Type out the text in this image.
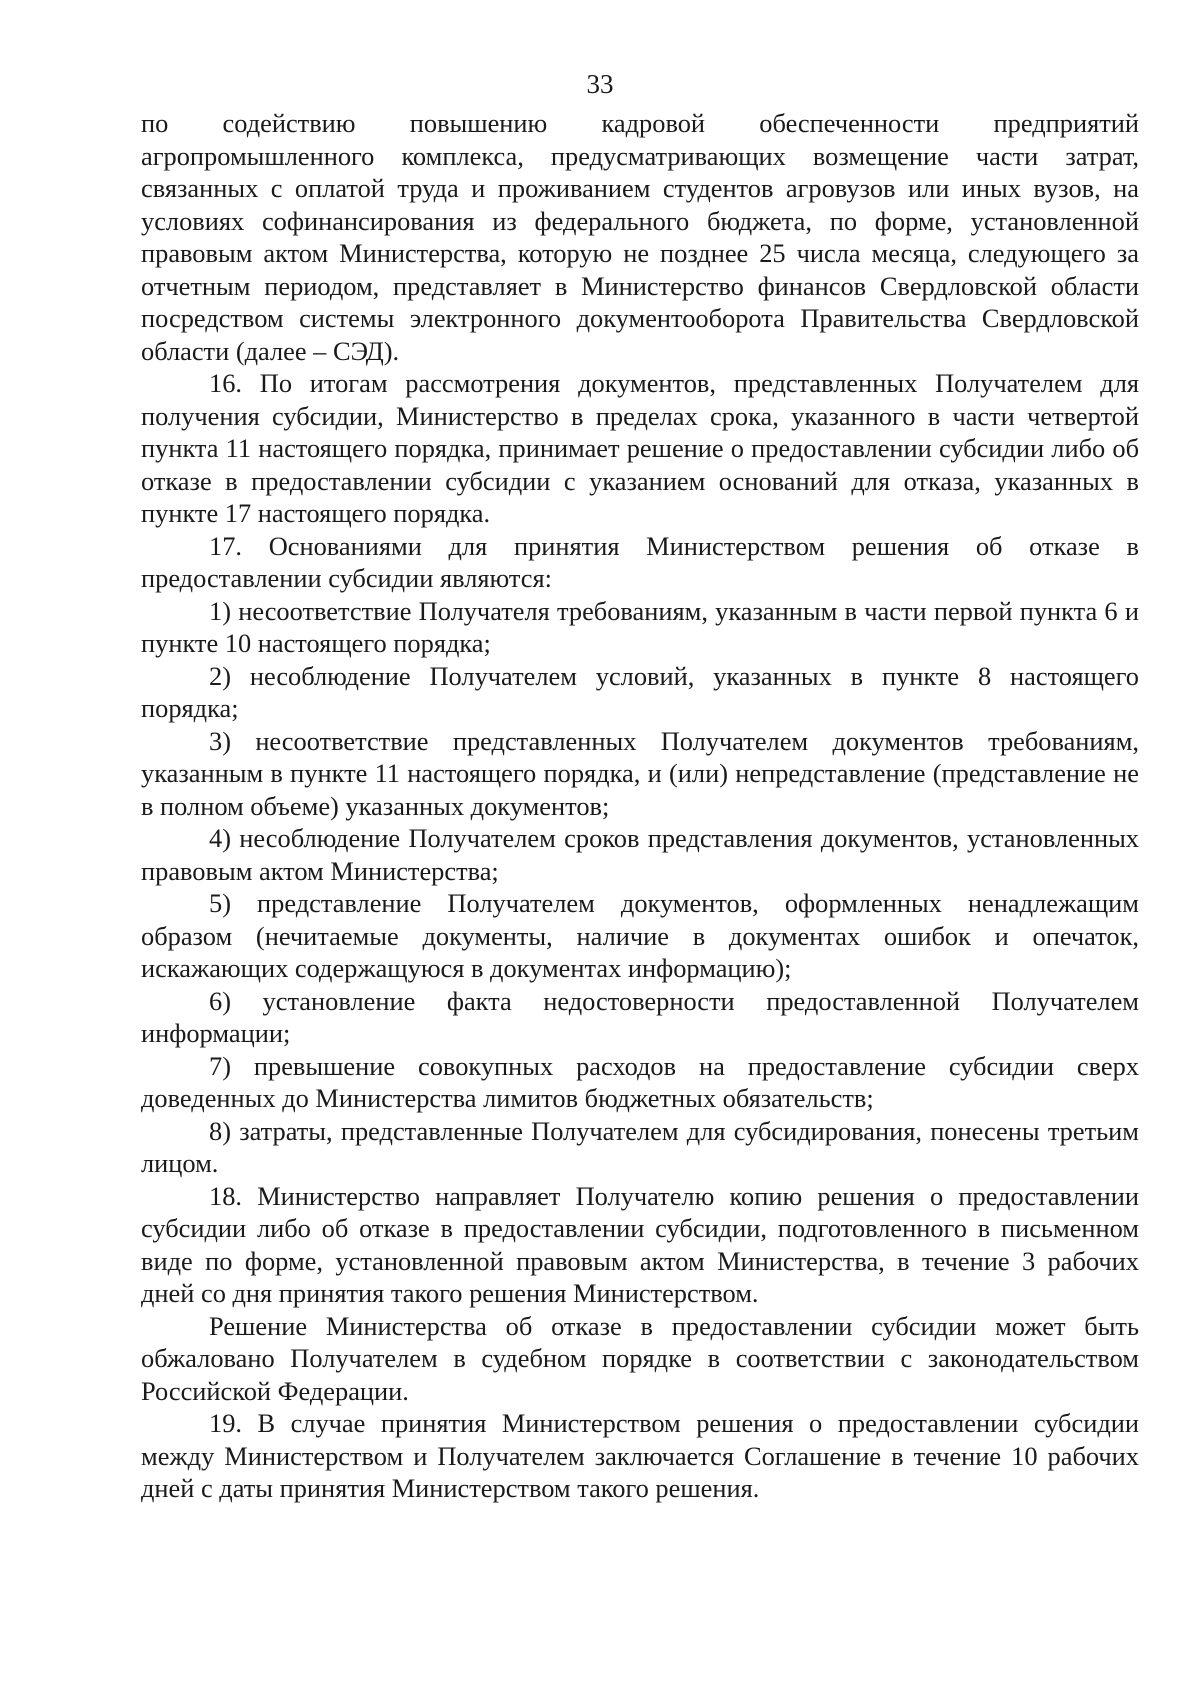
33

по содействию повышению кадровой обеспеченности предприятий агропромышленного комплекса, предусматривающих возмещение части затрат, связанных с оплатой труда и проживанием студентов агровузов или иных вузов, на условиях софинансирования из федерального бюджета, по форме, установленной правовым актом Министерства, которую не позднее 25 числа месяца, следующего за отчетным периодом, представляет в Министерство финансов Свердловской области посредством системы электронного документооборота Правительства Свердловской области (далее – СЭД).

16. По итогам рассмотрения документов, представленных Получателем для получения субсидии, Министерство в пределах срока, указанного в части четвертой пункта 11 настоящего порядка, принимает решение о предоставлении субсидии либо об отказе в предоставлении субсидии с указанием оснований для отказа, указанных в пункте 17 настоящего порядка.

17. Основаниями для принятия Министерством решения об отказе в предоставлении субсидии являются:

1) несоответствие Получателя требованиям, указанным в части первой пункта 6 и пункте 10 настоящего порядка;

2) несоблюдение Получателем условий, указанных в пункте 8 настоящего порядка;

3) несоответствие представленных Получателем документов требованиям, указанным в пункте 11 настоящего порядка, и (или) непредставление (представление не в полном объеме) указанных документов;

4) несоблюдение Получателем сроков представления документов, установленных правовым актом Министерства;

5) представление Получателем документов, оформленных ненадлежащим образом (нечитаемые документы, наличие в документах ошибок и опечаток, искажающих содержащуюся в документах информацию);

6) установление факта недостоверности предоставленной Получателем информации;

7) превышение совокупных расходов на предоставление субсидии сверх доведенных до Министерства лимитов бюджетных обязательств;

8) затраты, представленные Получателем для субсидирования, понесены третьим лицом.

18. Министерство направляет Получателю копию решения о предоставлении субсидии либо об отказе в предоставлении субсидии, подготовленного в письменном виде по форме, установленной правовым актом Министерства, в течение 3 рабочих дней со дня принятия такого решения Министерством.

Решение Министерства об отказе в предоставлении субсидии может быть обжаловано Получателем в судебном порядке в соответствии с законодательством Российской Федерации.

19. В случае принятия Министерством решения о предоставлении субсидии между Министерством и Получателем заключается Соглашение в течение 10 рабочих дней с даты принятия Министерством такого решения.
